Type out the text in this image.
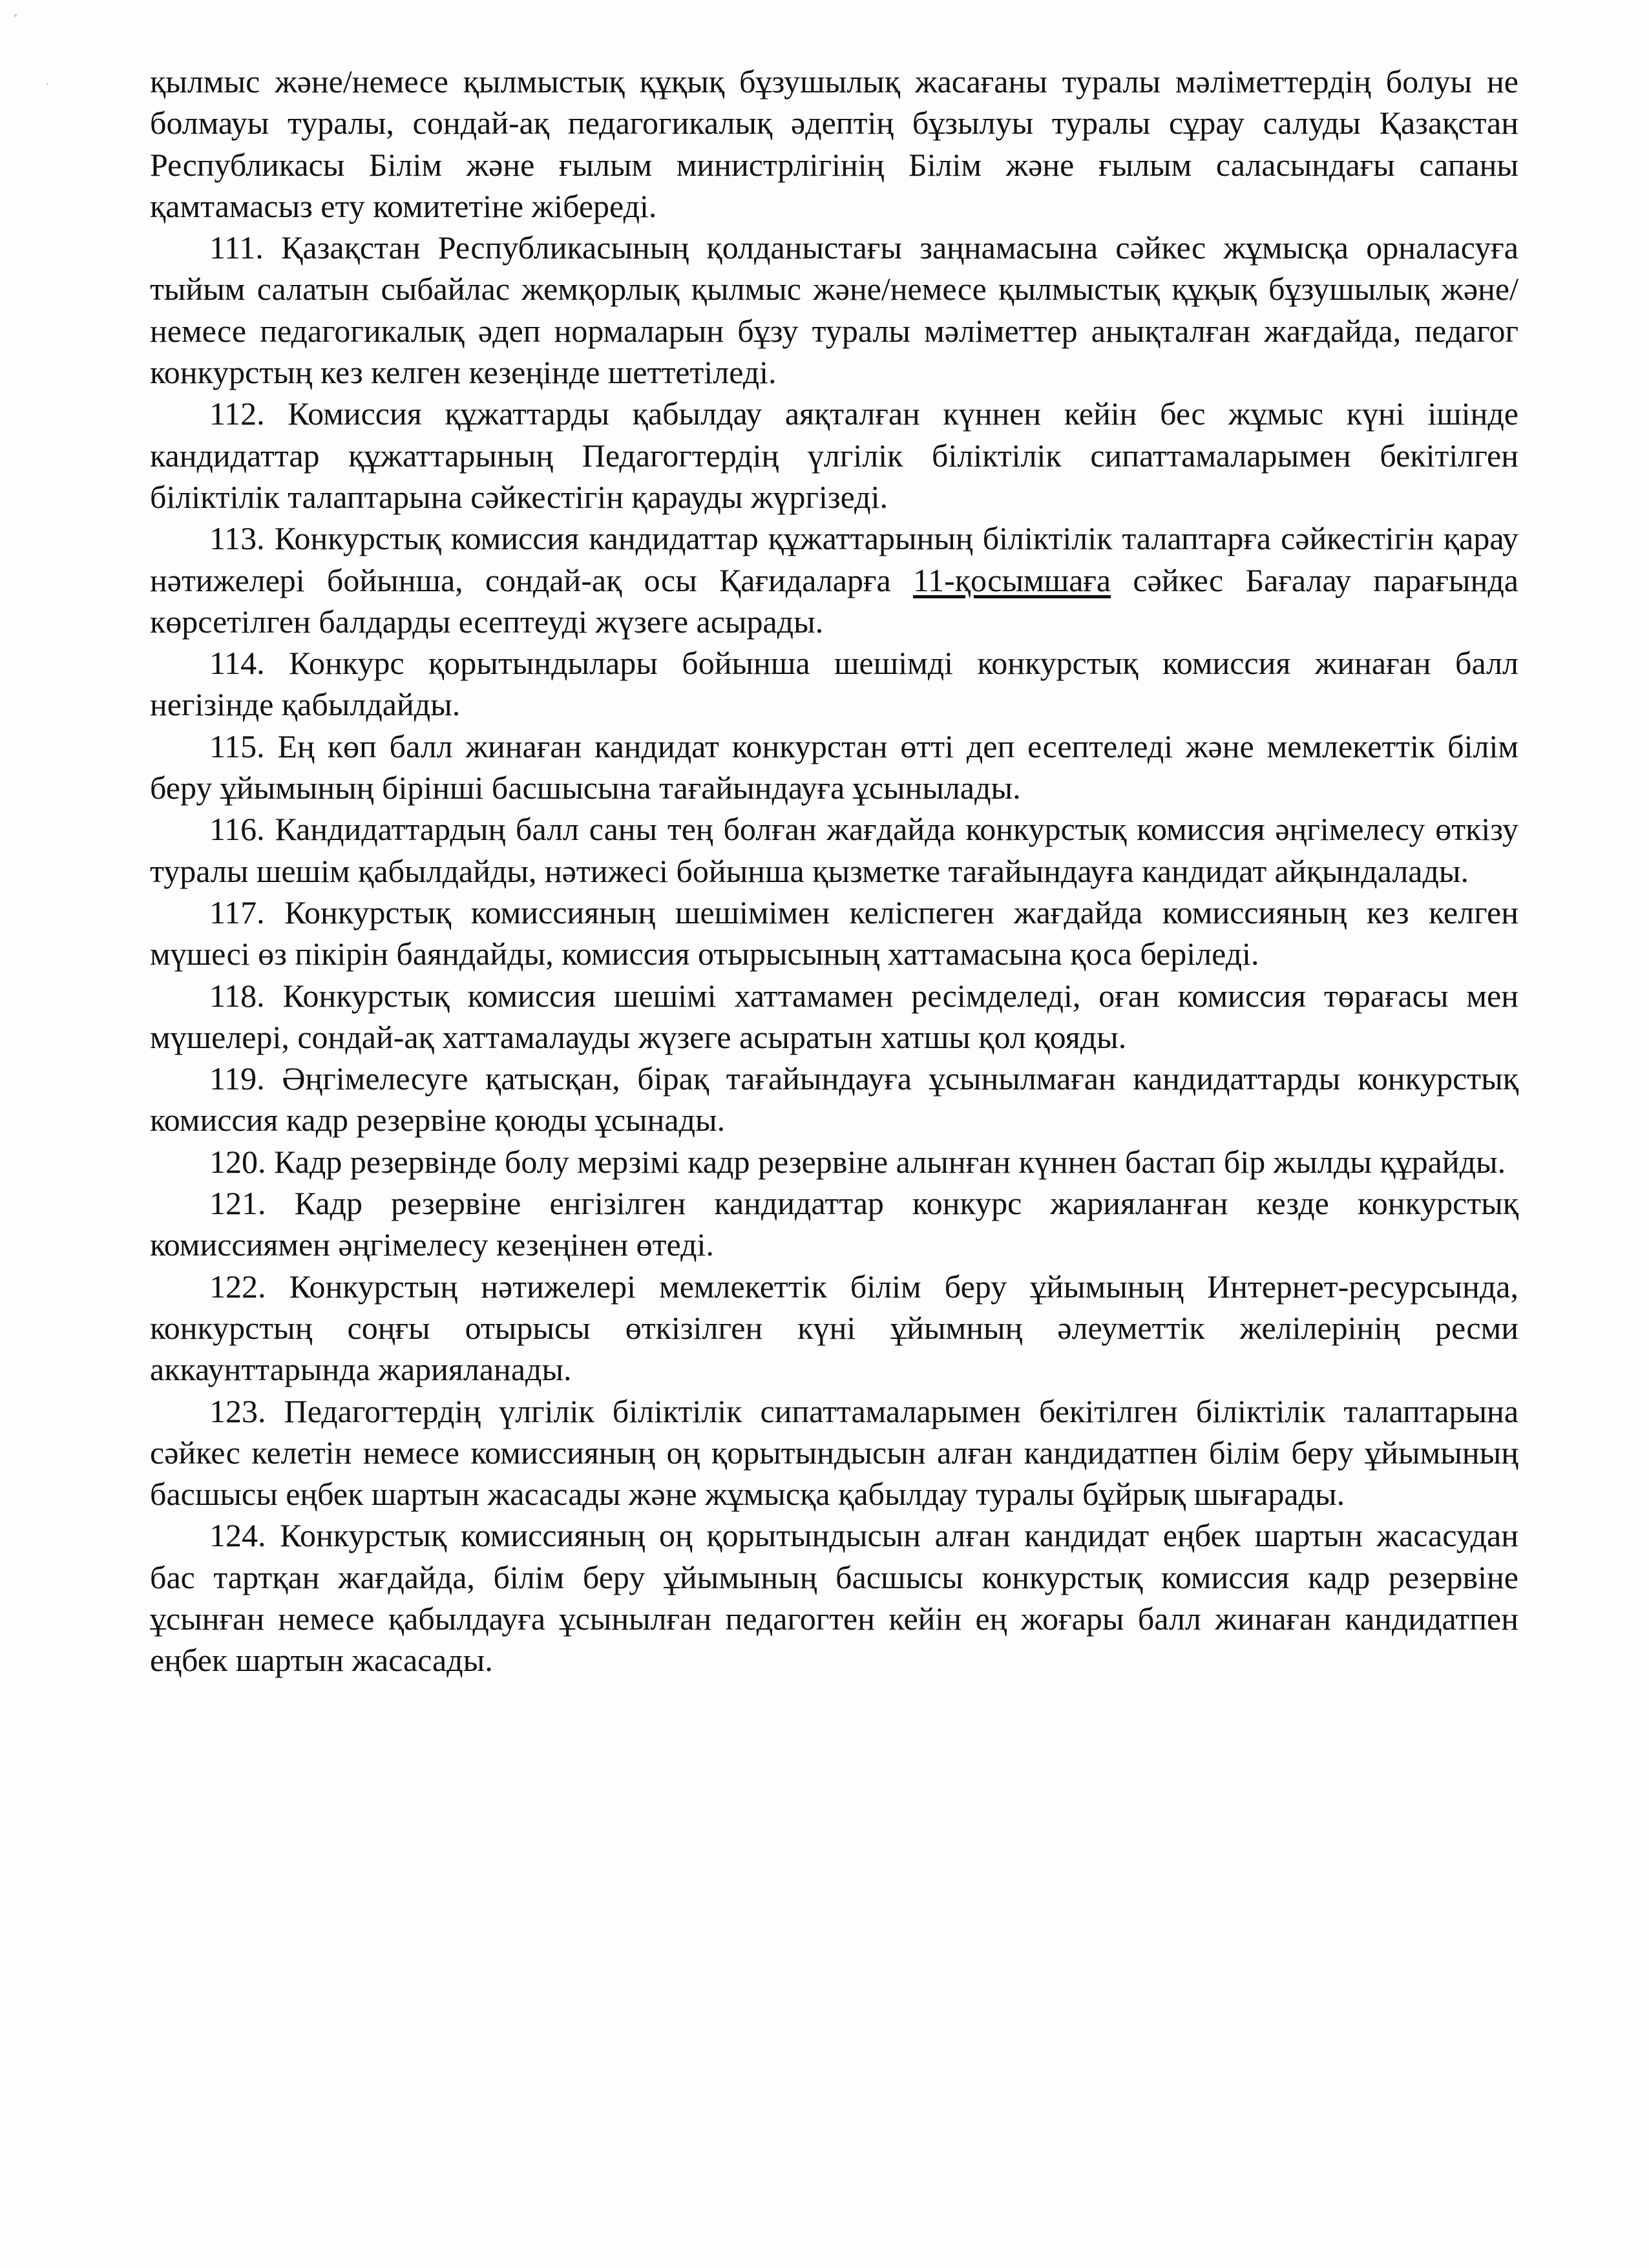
қылмыс және/немесе қылмыстық құқық бұзушылық жасағаны туралы мәліметтердің болуы не болмауы туралы, сондай-ақ педагогикалық әдептің бұзылуы туралы сұрау салуды Қазақстан Республикасы Білім және ғылым министрлігінің Білім және ғылым саласындағы сапаны қамтамасыз ету комитетіне жібереді.

111. Қазақстан Республикасының қолданыстағы заңнамасына сәйкес жұмысқа орналасуға тыйым салатын сыбайлас жемқорлық қылмыс және/немесе қылмыстық құқық бұзушылық және/немесе педагогикалық әдеп нормаларын бұзу туралы мәліметтер анықталған жағдайда, педагог конкурстың кез келген кезеңінде шеттетіледі.

112. Комиссия құжаттарды қабылдау аяқталған күннен кейін бес жұмыс күні ішінде кандидаттар құжаттарының Педагогтердің үлгілік біліктілік сипаттамаларымен бекітілген біліктілік талаптарына сәйкестігін қарауды жүргізеді.

113. Конкурстық комиссия кандидаттар құжаттарының біліктілік талаптарға сәйкестігін қарау нәтижелері бойынша, сондай-ақ осы Қағидаларға 11-қосымшаға сәйкес Бағалау парағында көрсетілген балдарды есептеуді жүзеге асырады.

114. Конкурс қорытындылары бойынша шешімді конкурстық комиссия жинаған балл негізінде қабылдайды.

115. Ең көп балл жинаған кандидат конкурстан өтті деп есептеледі және мемлекеттік білім беру ұйымының бірінші басшысына тағайындауға ұсынылады.

116. Кандидаттардың балл саны тең болған жағдайда конкурстық комиссия әңгімелесу өткізу туралы шешім қабылдайды, нәтижесі бойынша қызметке тағайындауға кандидат айқындалады.

117. Конкурстық комиссияның шешімімен келіспеген жағдайда комиссияның кез келген мүшесі өз пікірін баяндайды, комиссия отырысының хаттамасына қоса беріледі.

118. Конкурстық комиссия шешімі хаттамамен ресімделеді, оған комиссия төрағасы мен мүшелері, сондай-ақ хаттамалауды жүзеге асыратын хатшы қол қояды.

119. Әңгімелесуге қатысқан, бірақ тағайындауға ұсынылмаған кандидаттарды конкурстық комиссия кадр резервіне қоюды ұсынады.

120. Кадр резервінде болу мерзімі кадр резервіне алынған күннен бастап бір жылды құрайды.

121. Кадр резервіне енгізілген кандидаттар конкурс жарияланған кезде конкурстық комиссиямен әңгімелесу кезеңінен өтеді.

122. Конкурстың нәтижелері мемлекеттік білім беру ұйымының Интернет-ресурсында, конкурстың соңғы отырысы өткізілген күні ұйымның әлеуметтік желілерінің ресми аккаунттарында жарияланады.

123. Педагогтердің үлгілік біліктілік сипаттамаларымен бекітілген біліктілік талаптарына сәйкес келетін немесе комиссияның оң қорытындысын алған кандидатпен білім беру ұйымының басшысы еңбек шартын жасасады және жұмысқа қабылдау туралы бұйрық шығарады.

124. Конкурстық комиссияның оң қорытындысын алған кандидат еңбек шартын жасасудан бас тартқан жағдайда, білім беру ұйымының басшысы конкурстық комиссия кадр резервіне ұсынған немесе қабылдауға ұсынылған педагогтен кейін ең жоғары балл жинаған кандидатпен еңбек шартын жасасады.
